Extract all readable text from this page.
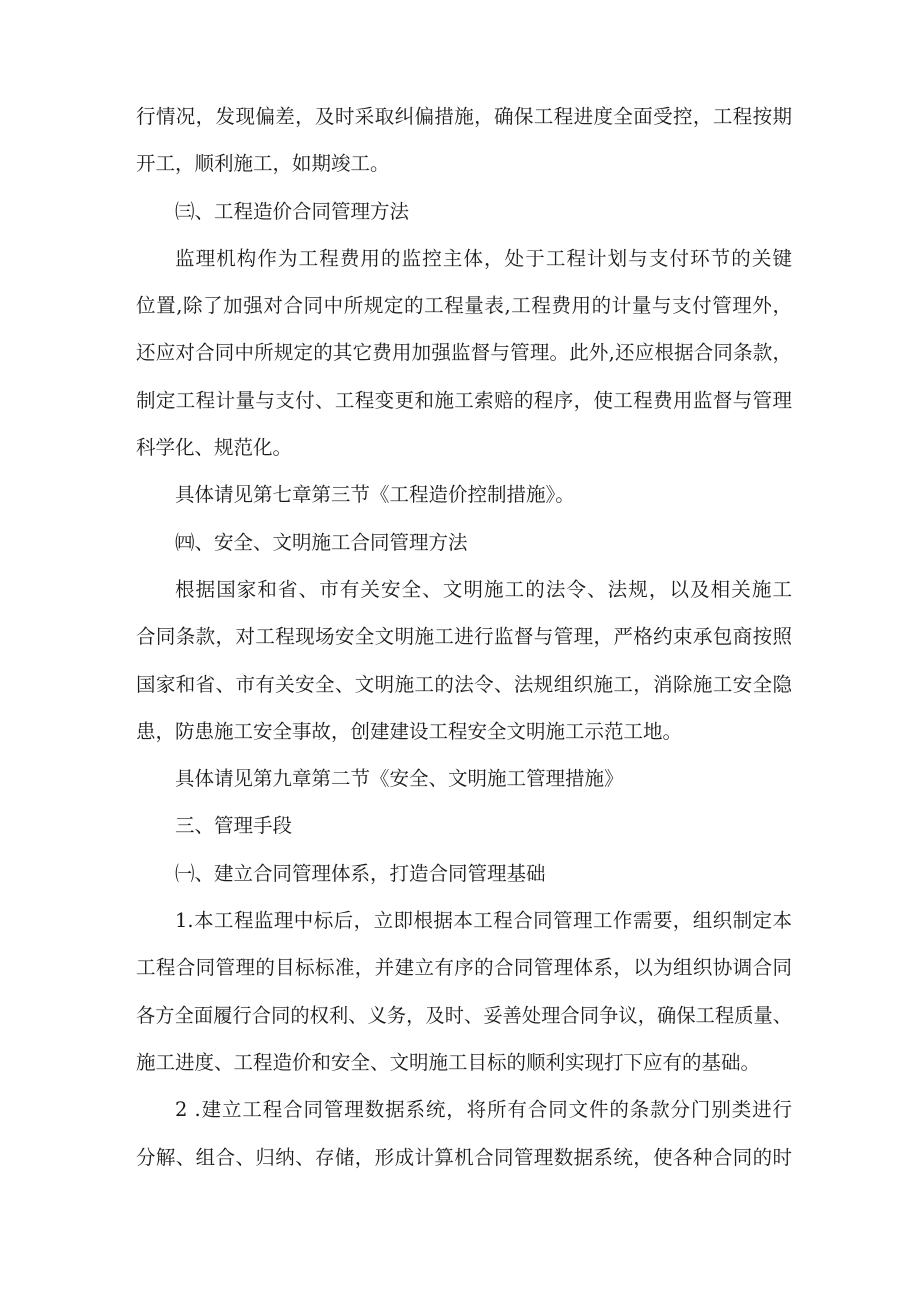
行情况，发现偏差，及时采取纠偏措施，确保工程进度全面受控，工程按期

开工，顺利施工，如期竣工。

㈢、工程造价合同管理方法

监理机构作为工程费用的监控主体，处于工程计划与支付环节的关键

位置,除了加强对合同中所规定的工程量表,工程费用的计量与支付管理外，

还应对合同中所规定的其它费用加强监督与管理。此外,还应根据合同条款，

制定工程计量与支付、工程变更和施工索赔的程序，使工程费用监督与管理

科学化、规范化。

具体请见第七章第三节《工程造价控制措施》。

㈣、安全、文明施工合同管理方法

根据国家和省、市有关安全、文明施工的法令、法规，以及相关施工

合同条款，对工程现场安全文明施工进行监督与管理，严格约束承包商按照

国家和省、市有关安全、文明施工的法令、法规组织施工，消除施工安全隐

患，防患施工安全事故，创建建设工程安全文明施工示范工地。

具体请见第九章第二节《安全、文明施工管理措施》

三、管理手段

㈠、建立合同管理体系，打造合同管理基础

1.本工程监理中标后，立即根据本工程合同管理工作需要，组织制定本

工程合同管理的目标标准，并建立有序的合同管理体系，以为组织协调合同

各方全面履行合同的权利、义务，及时、妥善处理合同争议，确保工程质量、

施工进度、工程造价和安全、文明施工目标的顺利实现打下应有的基础。

2 .建立工程合同管理数据系统，将所有合同文件的条款分门别类进行

分解、组合、归纳、存储，形成计算机合同管理数据系统，使各种合同的时
